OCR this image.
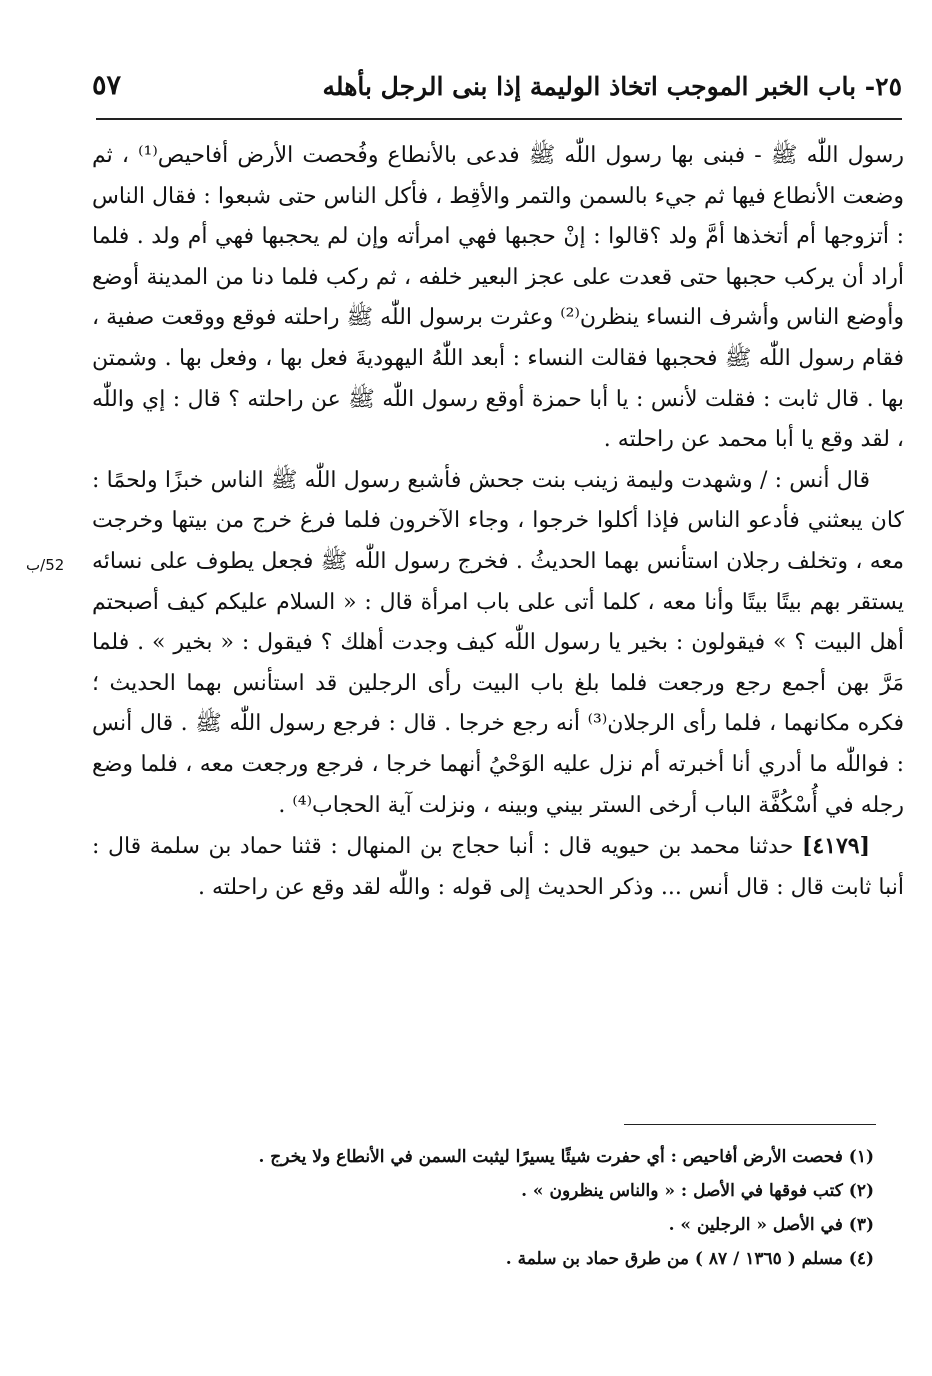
٢٥- باب الخبر الموجب اتخاذ الوليمة إذا بنى الرجل بأهله
٥٧
52/ب

رسول اللّٰه ﷺ - فبنى بها رسول اللّٰه ﷺ فدعى بالأنطاع وفُحصت الأرض أفاحيص⁽¹⁾ ، ثم وضعت الأنطاع فيها ثم جيء بالسمن والتمر والأقِط ، فأكل الناس حتى شبعوا : فقال الناس : أتزوجها أم أتخذها أمَّ ولد ؟قالوا : إنْ حجبها فهي امرأته وإن لم يحجبها فهي أم ولد . فلما أراد أن يركب حجبها حتى قعدت على عجز البعير خلفه ، ثم ركب فلما دنا من المدينة أوضع وأوضع الناس وأشرف النساء ينظرن⁽²⁾ وعثرت برسول اللّٰه ﷺ راحلته فوقع ووقعت صفية ، فقام رسول اللّٰه ﷺ فحجبها فقالت النساء : أبعد اللّٰهُ اليهوديةَ فعل بها ، وفعل بها . وشمتن بها . قال ثابت : فقلت لأنس : يا أبا حمزة أوقع رسول اللّٰه ﷺ عن راحلته ؟ قال : إي واللّٰه ، لقد وقع يا أبا محمد عن راحلته .

قال أنس : / وشهدت وليمة زينب بنت جحش فأشبع رسول اللّٰه ﷺ الناس خبزًا ولحمًا : كان يبعثني فأدعو الناس فإذا أكلوا خرجوا ، وجاء الآخرون فلما فرغ خرج من بيتها وخرجت معه ، وتخلف رجلان استأنس بهما الحديثُ . فخرج رسول اللّٰه ﷺ فجعل يطوف على نسائه يستقر بهم بيتًا بيتًا وأنا معه ، كلما أتى على باب امرأة قال : « السلام عليكم كيف أصبحتم أهل البيت ؟ » فيقولون : بخير يا رسول اللّٰه كيف وجدت أهلك ؟ فيقول : « بخير » . فلما مَرَّ بهن أجمع رجع ورجعت فلما بلغ باب البيت رأى الرجلين قد استأنس بهما الحديث ؛ فكره مكانهما ، فلما رأى الرجلان⁽³⁾ أنه رجع خرجا . قال : فرجع رسول اللّٰه ﷺ . قال أنس : فواللّٰه ما أدري أنا أخبرته أم نزل عليه الوَحْيُ أنهما خرجا ، فرجع ورجعت معه ، فلما وضع رجله في أُسْكُفَّة الباب أرخى الستر بيني وبينه ، ونزلت آية الحجاب⁽⁴⁾ .

[٤١٧٩] حدثنا محمد بن حيويه قال : أنبا حجاج بن المنهال : قثنا حماد بن سلمة قال : أنبا ثابت قال : قال أنس ... وذكر الحديث إلى قوله : واللّٰه لقد وقع عن راحلته .

(١) فحصت الأرض أفاحيص : أي حفرت شيئًا يسيرًا ليثبت السمن في الأنطاع ولا يخرج .

(٢) كتب فوقها في الأصل : « والناس ينظرون » .

(٣) في الأصل « الرجلين » .

(٤) مسلم ( ١٣٦٥ / ٨٧ ) من طرق حماد بن سلمة .
